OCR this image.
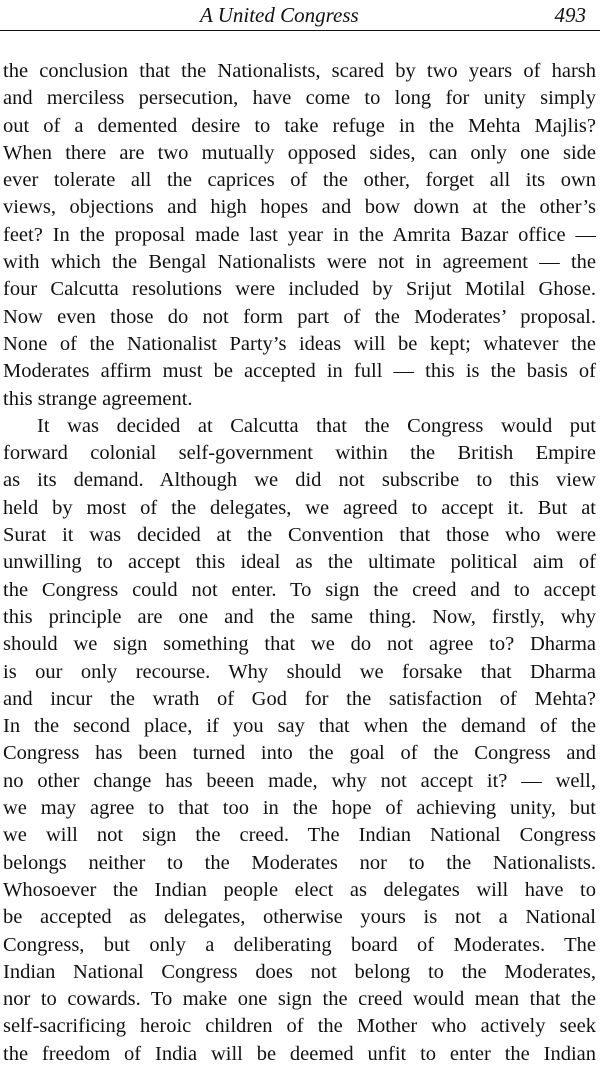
A United Congress	493
the conclusion that the Nationalists, scared by two years of harsh
and merciless persecution, have come to long for unity simply
out of a demented desire to take refuge in the Mehta Majlis?
When there are two mutually opposed sides, can only one side
ever tolerate all the caprices of the other, forget all its own
views, objections and high hopes and bow down at the other’s
feet? In the proposal made last year in the Amrita Bazar office —
with which the Bengal Nationalists were not in agreement — the
four Calcutta resolutions were included by Srijut Motilal Ghose.
Now even those do not form part of the Moderates’ proposal.
None of the Nationalist Party’s ideas will be kept; whatever the
Moderates affirm must be accepted in full — this is the basis of
this strange agreement.
It was decided at Calcutta that the Congress would put
forward colonial self-government within the British Empire
as its demand. Although we did not subscribe to this view
held by most of the delegates, we agreed to accept it. But at
Surat it was decided at the Convention that those who were
unwilling to accept this ideal as the ultimate political aim of
the Congress could not enter. To sign the creed and to accept
this principle are one and the same thing. Now, firstly, why
should we sign something that we do not agree to? Dharma
is our only recourse. Why should we forsake that Dharma
and incur the wrath of God for the satisfaction of Mehta?
In the second place, if you say that when the demand of the
Congress has been turned into the goal of the Congress and
no other change has beeen made, why not accept it? — well,
we may agree to that too in the hope of achieving unity, but
we will not sign the creed. The Indian National Congress
belongs neither to the Moderates nor to the Nationalists.
Whosoever the Indian people elect as delegates will have to
be accepted as delegates, otherwise yours is not a National
Congress, but only a deliberating board of Moderates. The
Indian National Congress does not belong to the Moderates,
nor to cowards. To make one sign the creed would mean that the
self-sacrificing heroic children of the Mother who actively seek
the freedom of India will be deemed unfit to enter the Indian
